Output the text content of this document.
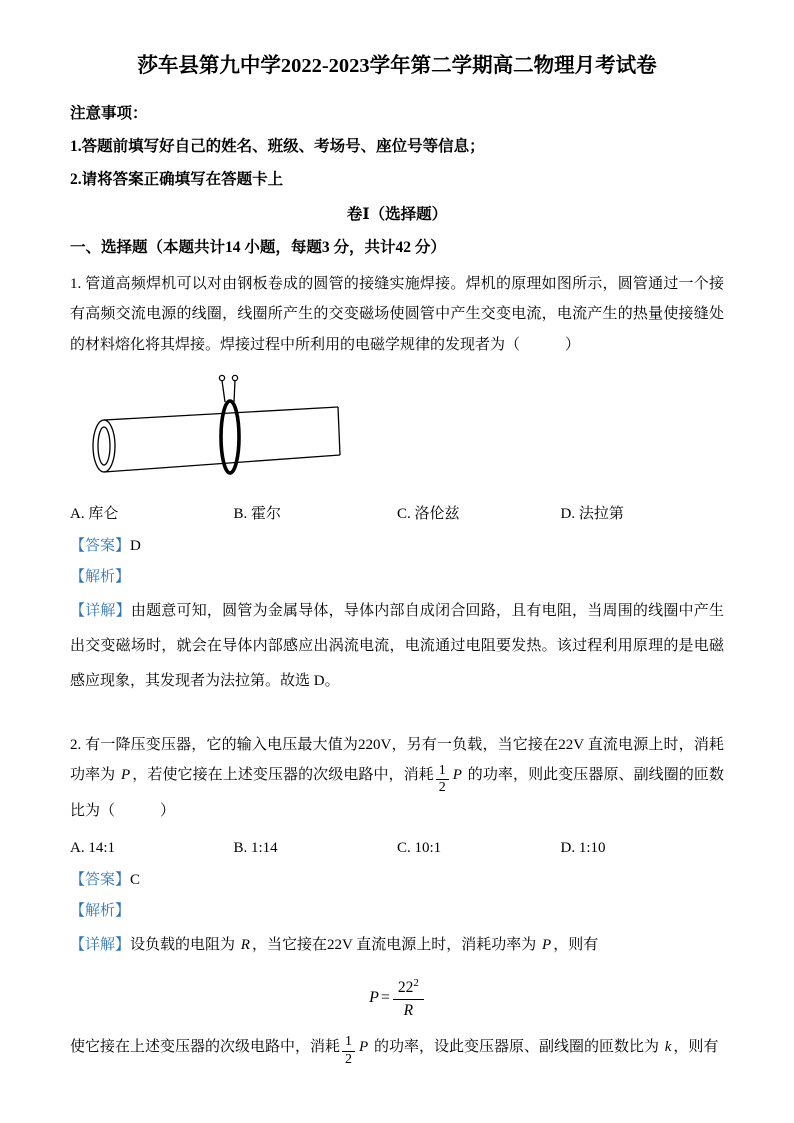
莎车县第九中学2022-2023学年第二学期高二物理月考试卷
注意事项：
1.答题前填写好自己的姓名、班级、考场号、座位号等信息；
2.请将答案正确填写在答题卡上
卷Ⅰ（选择题）
一、选择题（本题共计14 小题，每题3 分，共计42 分）
1. 管道高频焊机可以对由钢板卷成的圆管的接缝实施焊接。焊机的原理如图所示，圆管通过一个接有高频交流电源的线圈，线圈所产生的交变磁场使圆管中产生交变电流，电流产生的热量使接缝处的材料熔化将其焊接。焊接过程中所利用的电磁学规律的发现者为（　　　）
A. 库仑	B. 霍尔	C. 洛伦兹	D. 法拉第
【答案】D
【解析】
【详解】由题意可知，圆管为金属导体，导体内部自成闭合回路，且有电阻，当周围的线圈中产生出交变磁场时，就会在导体内部感应出涡流电流，电流通过电阻要发热。该过程利用原理的是电磁感应现象，其发现者为法拉第。故选 D。
2. 有一降压变压器，它的输入电压最大值为220V，另有一负载，当它接在22V 直流电源上时，消耗功率为 P ，若使它接在上述变压器的次级电路中，消耗 $\frac{1}{2}$ P 的功率，则此变压器原、副线圈的匝数比为（　　　）
A. 14:1	B. 1:14	C. 10:1	D. 1:10
【答案】C
【解析】
【详解】设负载的电阻为 R ，当它接在22V 直流电源上时，消耗功率为 P ，则有
$P = \frac{22^2}{R}$
使它接在上述变压器的次级电路中，消耗 $\frac{1}{2}$ P 的功率，设此变压器原、副线圈的匝数比为 k ，则有
